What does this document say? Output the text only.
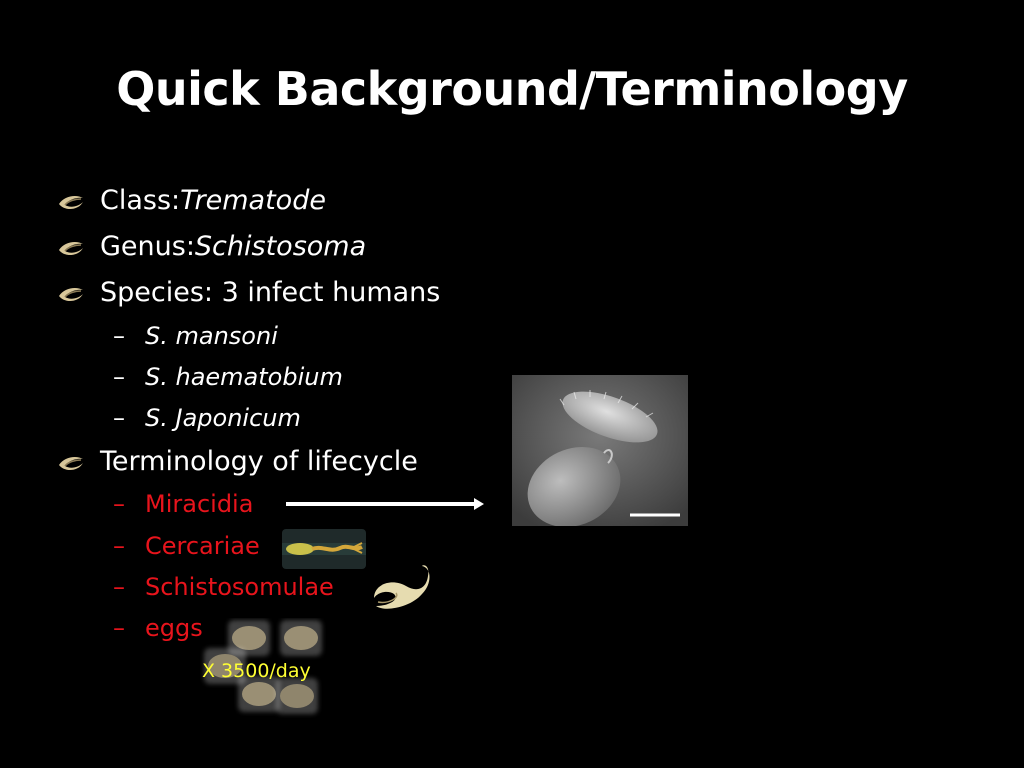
Quick Background/Terminology
Class: Trematode
Genus: Schistosoma
Species: 3 infect humans
– S. mansoni
– S. haematobium
– S. Japonicum
Terminology of lifecycle
– Miracidia
– Cercariae
– Schistosomulae
– eggs
X 3500/day
